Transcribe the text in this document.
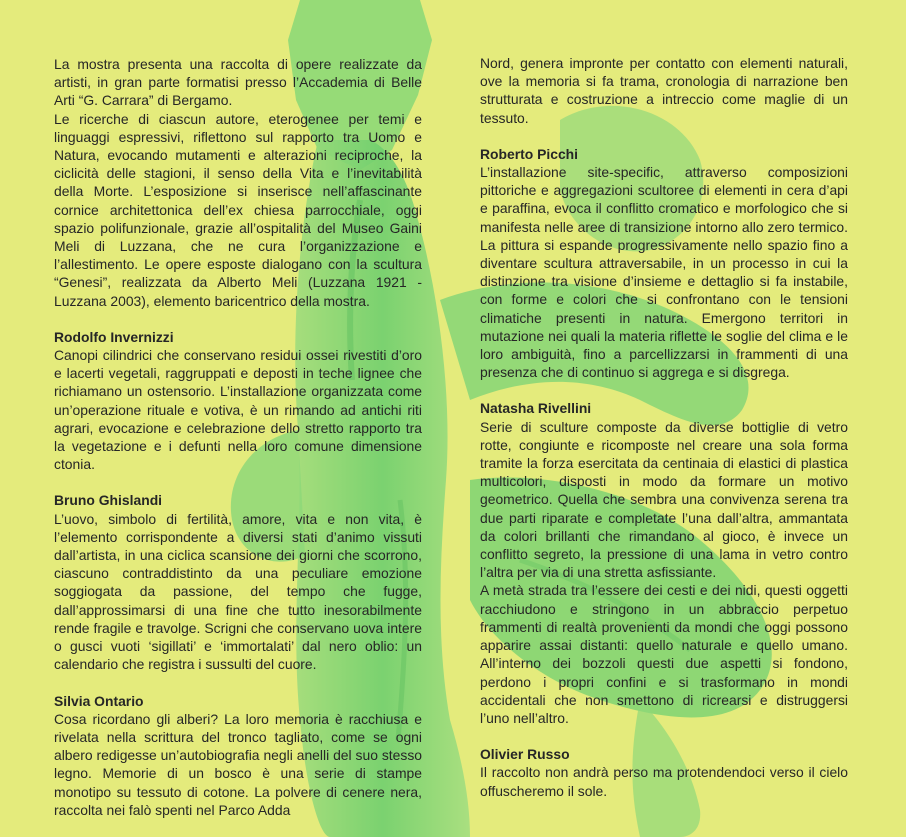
La mostra presenta una raccolta di opere realizzate da artisti, in gran parte formatisi presso l’Accademia di Belle Arti “G. Carrara” di Bergamo.

Le ricerche di ciascun autore, eterogenee per temi e linguaggi espressivi, riflettono sul rapporto tra Uomo e Natura, evocando mutamenti e alterazioni reciproche, la ciclicità delle stagioni, il senso della Vita e l’inevitabilità della Morte. L’esposizione si inserisce nell’affascinante cornice architettonica dell’ex chiesa parrocchiale, oggi spazio polifunzionale, grazie all’ospitalità del Museo Gaini Meli di Luzzana, che ne cura l’organizzazione e l’allestimento. Le opere esposte dialogano con la scultura “Genesi”, realizzata da Alberto Meli (Luzzana 1921 - Luzzana 2003), elemento baricentrico della mostra.

Rodolfo Invernizzi

Canopi cilindrici che conservano residui ossei rivestiti d’oro e lacerti vegetali, raggruppati e deposti in teche lignee che richiamano un ostensorio. L’installazione organizzata come un’operazione rituale e votiva, è un rimando ad antichi riti agrari, evocazione e celebrazione dello stretto rapporto tra la vegetazione e i defunti nella loro comune dimensione ctonia.

Bruno Ghislandi

L’uovo, simbolo di fertilità, amore, vita e non vita, è l’elemento corrispondente a diversi stati d’animo vissuti dall’artista, in una ciclica scansione dei giorni che scorrono, ciascuno contraddistinto da una peculiare emozione soggiogata da passione, del tempo che fugge, dall’approssimarsi di una fine che tutto inesorabilmente rende fragile e travolge. Scrigni che conservano uova intere o gusci vuoti ‘sigillati’ e ‘immortalati’ dal nero oblio: un calendario che registra i sussulti del cuore.

Silvia Ontario

Cosa ricordano gli alberi? La loro memoria è racchiusa e rivelata nella scrittura del tronco tagliato, come se ogni albero redigesse un’autobiografia negli anelli del suo stesso legno. Memorie di un bosco è una serie di stampe monotipo su tessuto di cotone. La polvere di cenere nera, raccolta nei falò spenti nel Parco Adda

Nord, genera impronte per contatto con elementi naturali, ove la memoria si fa trama, cronologia di narrazione ben strutturata e costruzione a intreccio come maglie di un tessuto.

Roberto Picchi

L’installazione site-specific, attraverso composizioni pittoriche e aggregazioni scultoree di elementi in cera d’api e paraffina, evoca il conflitto cromatico e morfologico che si manifesta nelle aree di transizione intorno allo zero termico. La pittura si espande progressivamente nello spazio fino a diventare scultura attraversabile, in un processo in cui la distinzione tra visione d’insieme e dettaglio si fa instabile, con forme e colori che si confrontano con le tensioni climatiche presenti in natura. Emergono territori in mutazione nei quali la materia riflette le soglie del clima e le loro ambiguità, fino a parcellizzarsi in frammenti di una presenza che di continuo si aggrega e si disgrega.

Natasha Rivellini

Serie di sculture composte da diverse bottiglie di vetro rotte, congiunte e ricomposte nel creare una sola forma tramite la forza esercitata da centinaia di elastici di plastica multicolori, disposti in modo da formare un motivo geometrico. Quella che sembra una convivenza serena tra due parti riparate e completate l’una dall’altra, ammantata da colori brillanti che rimandano al gioco, è invece un conflitto segreto, la pressione di una lama in vetro contro l’altra per via di una stretta asfissiante.

A metà strada tra l’essere dei cesti e dei nidi, questi oggetti racchiudono e stringono in un abbraccio perpetuo frammenti di realtà provenienti da mondi che oggi possono apparire assai distanti: quello naturale e quello umano. All’interno dei bozzoli questi due aspetti si fondono, perdono i propri confini e si trasformano in mondi accidentali che non smettono di ricrearsi e distruggersi l’uno nell’altro.

Olivier Russo

Il raccolto non andrà perso ma protendendoci verso il cielo offuscheremo il sole.
